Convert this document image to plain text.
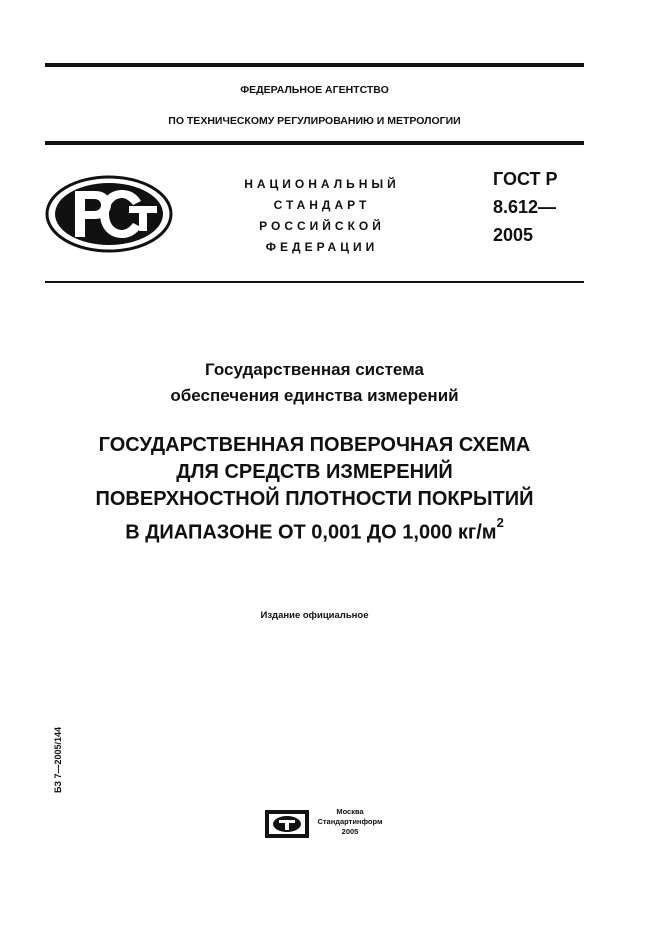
ФЕДЕРАЛЬНОЕ АГЕНТСТВО
ПО ТЕХНИЧЕСКОМУ РЕГУЛИРОВАНИЮ И МЕТРОЛОГИИ
НАЦИОНАЛЬНЫЙ
СТАНДАРТ
РОССИЙСКОЙ
ФЕДЕРАЦИИ
ГОСТ Р
8.612—
2005
Государственная система
обеспечения единства измерений
ГОСУДАРСТВЕННАЯ ПОВЕРОЧНАЯ СХЕМА
ДЛЯ СРЕДСТВ ИЗМЕРЕНИЙ
ПОВЕРХНОСТНОЙ ПЛОТНОСТИ ПОКРЫТИЙ
В ДИАПАЗОНЕ ОТ 0,001 ДО 1,000 $кг/м^2$
Издание официальное
БЗ 7—2005/144
Москва
Стандартинформ
2005
